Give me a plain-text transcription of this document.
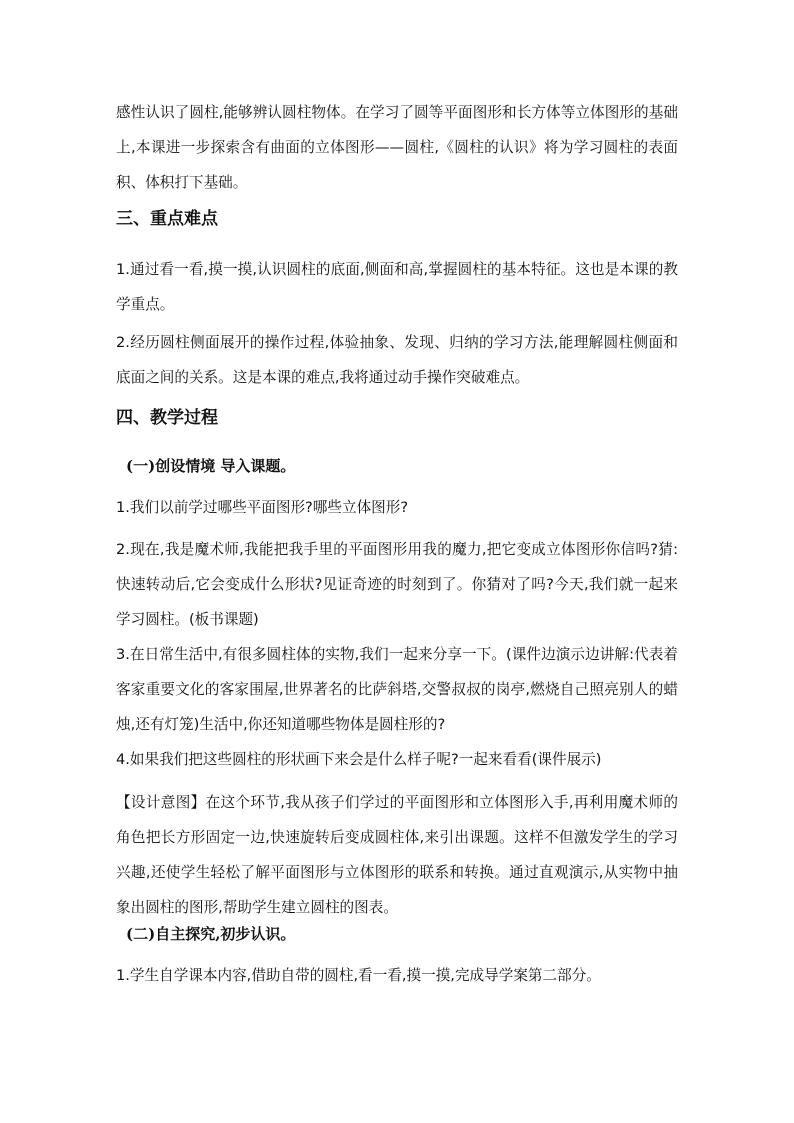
感性认识了圆柱,能够辨认圆柱物体。在学习了圆等平面图形和长方体等立体图形的基础上,本课进一步探索含有曲面的立体图形——圆柱,《圆柱的认识》将为学习圆柱的表面积、体积打下基础。

三、重点难点

1.通过看一看,摸一摸,认识圆柱的底面,侧面和高,掌握圆柱的基本特征。这也是本课的教学重点。

2.经历圆柱侧面展开的操作过程,体验抽象、发现、归纳的学习方法,能理解圆柱侧面和底面之间的关系。这是本课的难点,我将通过动手操作突破难点。

四、教学过程
(一)创设情境 导入课题。

1.我们以前学过哪些平面图形?哪些立体图形?

2.现在,我是魔术师,我能把我手里的平面图形用我的魔力,把它变成立体图形你信吗?猜:快速转动后,它会变成什么形状?见证奇迹的时刻到了。你猜对了吗?今天,我们就一起来学习圆柱。(板书课题)

3.在日常生活中,有很多圆柱体的实物,我们一起来分享一下。(课件边演示边讲解:代表着客家重要文化的客家围屋,世界著名的比萨斜塔,交警叔叔的岗亭,燃烧自己照亮别人的蜡烛,还有灯笼)生活中,你还知道哪些物体是圆柱形的?

4.如果我们把这些圆柱的形状画下来会是什么样子呢?一起来看看(课件展示)

【设计意图】在这个环节,我从孩子们学过的平面图形和立体图形入手,再利用魔术师的角色把长方形固定一边,快速旋转后变成圆柱体,来引出课题。这样不但激发学生的学习兴趣,还使学生轻松了解平面图形与立体图形的联系和转换。通过直观演示,从实物中抽象出圆柱的图形,帮助学生建立圆柱的图表。

(二)自主探究,初步认识。

1.学生自学课本内容,借助自带的圆柱,看一看,摸一摸,完成导学案第二部分。
